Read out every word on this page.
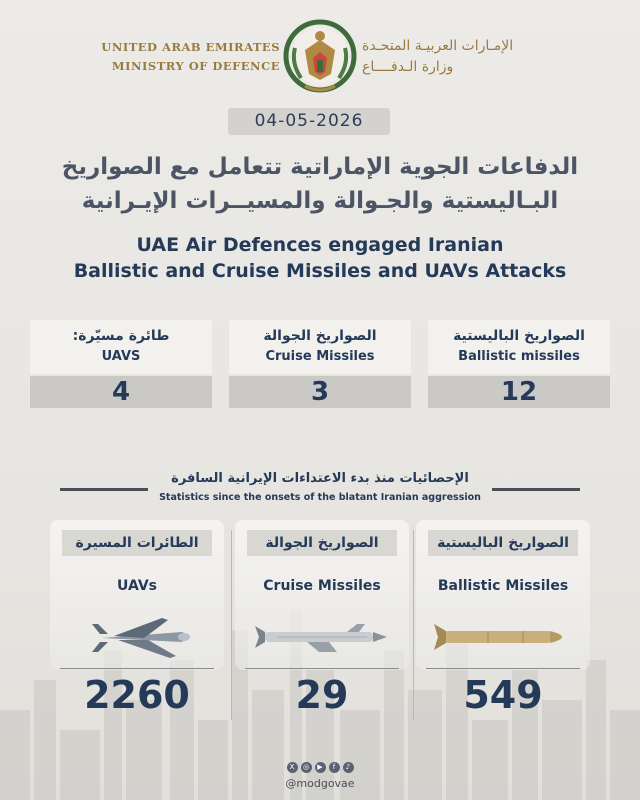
UNITED ARAB EMIRATES
MINISTRY OF DEFENCE
الإمـارات العربيـة المتحـدة
وزارة الـدفــــاع
04-05-2026
الدفاعات الجوية الإماراتية تتعامل مع الصواريخ
البـاليستية والجـوالة والمسيــرات الإيـرانية
UAE Air Defences engaged Iranian
Ballistic and Cruise Missiles and UAVs Attacks
طائرة مسيّرة:
UAVS
4
الصواريخ الجوالة
Cruise Missiles
3
الصواريخ الباليستية
Ballistic missiles
12
الإحصائيات منذ بدء الاعتداءات الإيرانية السافرة
Statistics since the onsets of the blatant Iranian aggression
الطائرات المسيرة
UAVs
2260
الصواريخ الجوالة
Cruise Missiles
29
الصواريخ الباليستية
Ballistic Missiles
549
X	◎	▶	f	♪
@modgovae
